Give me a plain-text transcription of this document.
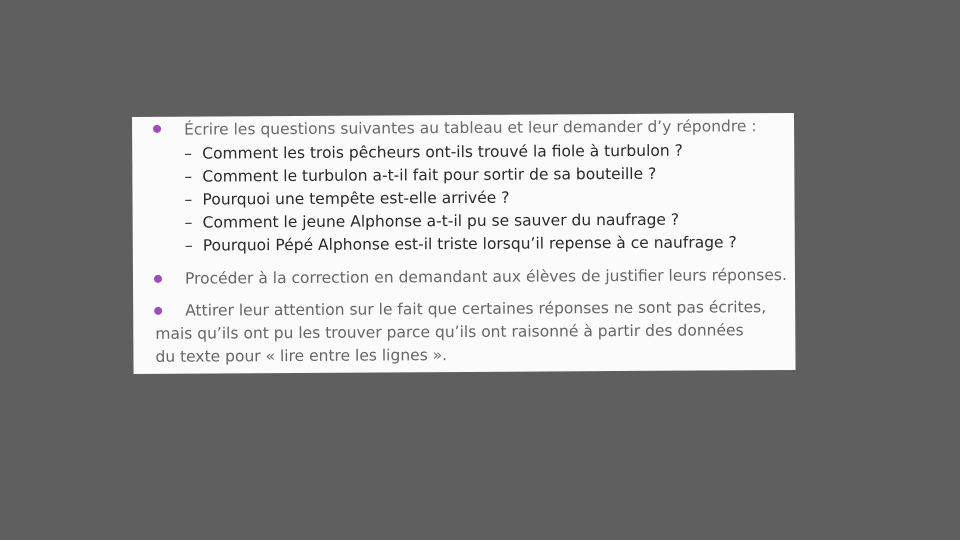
Écrire les questions suivantes au tableau et leur demander d’y répondre :
– Comment les trois pêcheurs ont-ils trouvé la fiole à turbulon ?
– Comment le turbulon a-t-il fait pour sortir de sa bouteille ?
– Pourquoi une tempête est-elle arrivée ?
– Comment le jeune Alphonse a-t-il pu se sauver du naufrage ?
– Pourquoi Pépé Alphonse est-il triste lorsqu’il repense à ce naufrage ?
Procéder à la correction en demandant aux élèves de justifier leurs réponses.
Attirer leur attention sur le fait que certaines réponses ne sont pas écrites,
mais qu’ils ont pu les trouver parce qu’ils ont raisonné à partir des données
du texte pour « lire entre les lignes ».
